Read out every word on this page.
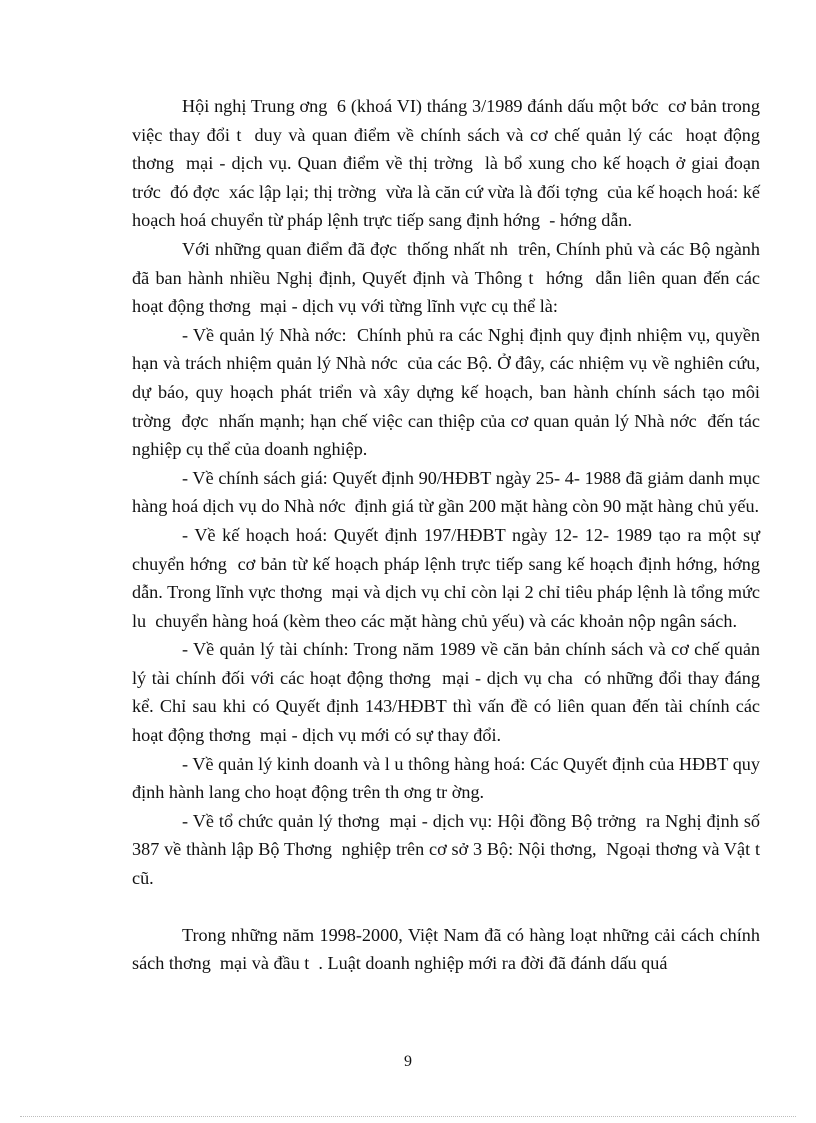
Hội nghị Trung ơng  6 (khoá VI) tháng 3/1989 đánh dấu một bớc  cơ bản trong việc thay đổi t  duy và quan điểm về chính sách và cơ chế quản lý các  hoạt động thơng  mại - dịch vụ. Quan điểm về thị trờng  là bổ xung cho kế hoạch ở giai đoạn trớc  đó đợc  xác lập lại; thị trờng  vừa là căn cứ vừa là đối tợng  của kế hoạch hoá: kế hoạch hoá chuyển từ pháp lệnh trực tiếp sang định hớng  - hớng dẫn.

Với những quan điểm đã đợc  thống nhất nh  trên, Chính phủ và các Bộ ngành đã ban hành nhiều Nghị định, Quyết định và Thông t  hớng  dẫn liên quan đến các hoạt động thơng  mại - dịch vụ với từng lĩnh vực cụ thể là:

- Về quản lý Nhà nớc:  Chính phủ ra các Nghị định quy định nhiệm vụ, quyền hạn và trách nhiệm quản lý Nhà nớc  của các Bộ. Ở đây, các nhiệm vụ về nghiên cứu, dự báo, quy hoạch phát triển và xây dựng kế hoạch, ban hành chính sách tạo môi trờng  đợc  nhấn mạnh; hạn chế việc can thiệp của cơ quan quản lý Nhà nớc  đến tác nghiệp cụ thể của doanh nghiệp.

- Về chính sách giá: Quyết định 90/HĐBT ngày 25- 4- 1988 đã giảm danh mục hàng hoá dịch vụ do Nhà nớc  định giá từ gần 200 mặt hàng còn 90 mặt hàng chủ yếu.

- Về kế hoạch hoá: Quyết định 197/HĐBT ngày 12- 12- 1989 tạo ra một sự chuyển hớng  cơ bản từ kế hoạch pháp lệnh trực tiếp sang kế hoạch định hớng, hớng  dẫn. Trong lĩnh vực thơng  mại và dịch vụ chỉ còn lại 2 chỉ tiêu pháp lệnh là tổng mức lu  chuyển hàng hoá (kèm theo các mặt hàng chủ yếu) và các khoản nộp ngân sách.

- Về quản lý tài chính: Trong năm 1989 về căn bản chính sách và cơ chế quản lý tài chính đối với các hoạt động thơng  mại - dịch vụ cha  có những đổi thay đáng kể. Chỉ sau khi có Quyết định 143/HĐBT thì vấn đề có liên quan đến tài chính các hoạt động thơng  mại - dịch vụ mới có sự thay đổi.

- Về quản lý kinh doanh và l u thông hàng hoá: Các Quyết định của HĐBT quy định hành lang cho hoạt động trên th ơng tr ờng.

- Về tổ chức quản lý thơng  mại - dịch vụ: Hội đồng Bộ trởng  ra Nghị định số 387 về thành lập Bộ Thơng  nghiệp trên cơ sở 3 Bộ: Nội thơng,  Ngoại thơng và Vật t  cũ.

Trong những năm 1998-2000, Việt Nam đã có hàng loạt những cải cách chính sách thơng  mại và đầu t  . Luật doanh nghiệp mới ra đời đã đánh dấu quá

9
